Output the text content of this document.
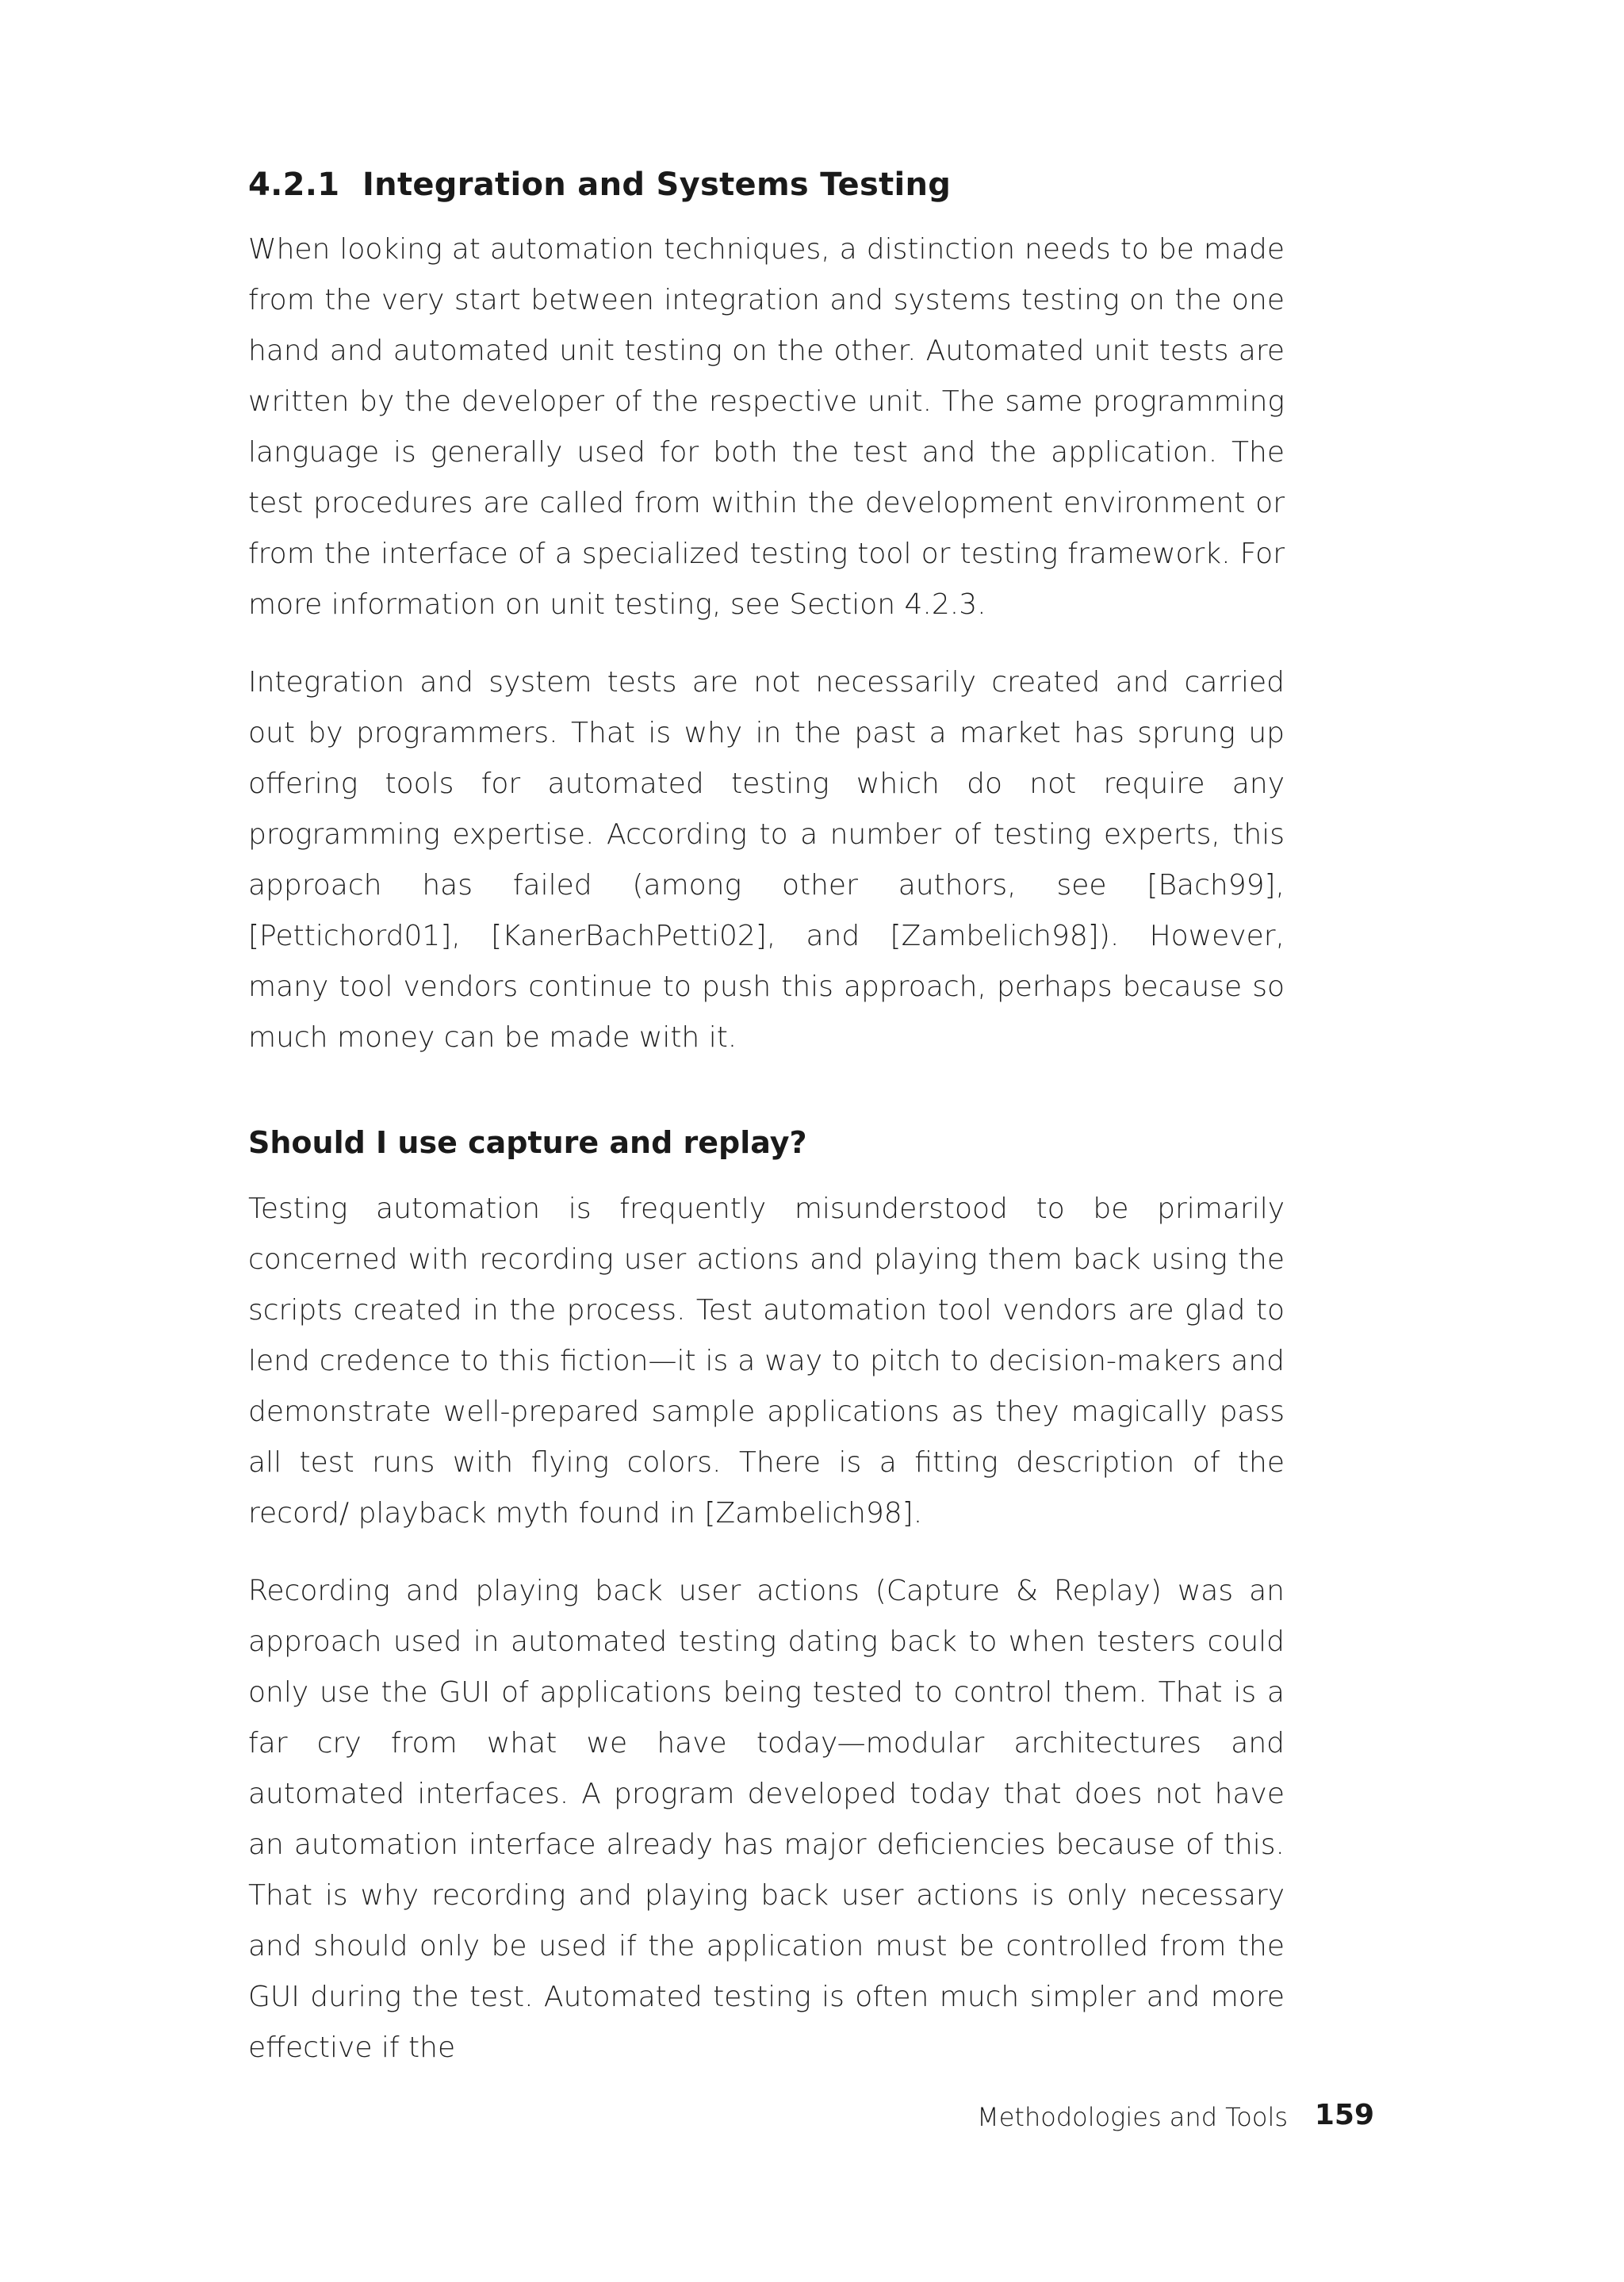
4.2.1 Integration and Systems Testing

When looking at automation techniques, a distinction needs to be made from the very start between integration and systems testing on the one hand and automated unit testing on the other. Automated unit tests are written by the developer of the respective unit. The same programming language is generally used for both the test and the application. The test procedures are called from within the development environment or from the interface of a specialized testing tool or testing framework. For more information on unit testing, see Section 4.2.3.

Integration and system tests are not necessarily created and carried out by programmers. That is why in the past a market has sprung up offering tools for automated testing which do not require any programming expertise. According to a number of testing experts, this approach has failed (among other authors, see [Bach99], [Pettichord01], [KanerBachPetti02], and [Zambelich98]). However, many tool vendors continue to push this approach, perhaps because so much money can be made with it.

Should I use capture and replay?

Testing automation is frequently misunderstood to be primarily concerned with recording user actions and playing them back using the scripts created in the process. Test automation tool vendors are glad to lend credence to this fiction—it is a way to pitch to decision-makers and demonstrate well-prepared sample applications as they magically pass all test runs with flying colors. There is a fitting description of the record/ playback myth found in [Zambelich98].

Recording and playing back user actions (Capture & Replay) was an approach used in automated testing dating back to when testers could only use the GUI of applications being tested to control them. That is a far cry from what we have today—modular architectures and automated interfaces. A program developed today that does not have an automation interface already has major deficiencies because of this. That is why recording and playing back user actions is only necessary and should only be used if the application must be controlled from the GUI during the test. Automated testing is often much simpler and more effective if the

Methodologies and Tools 159
